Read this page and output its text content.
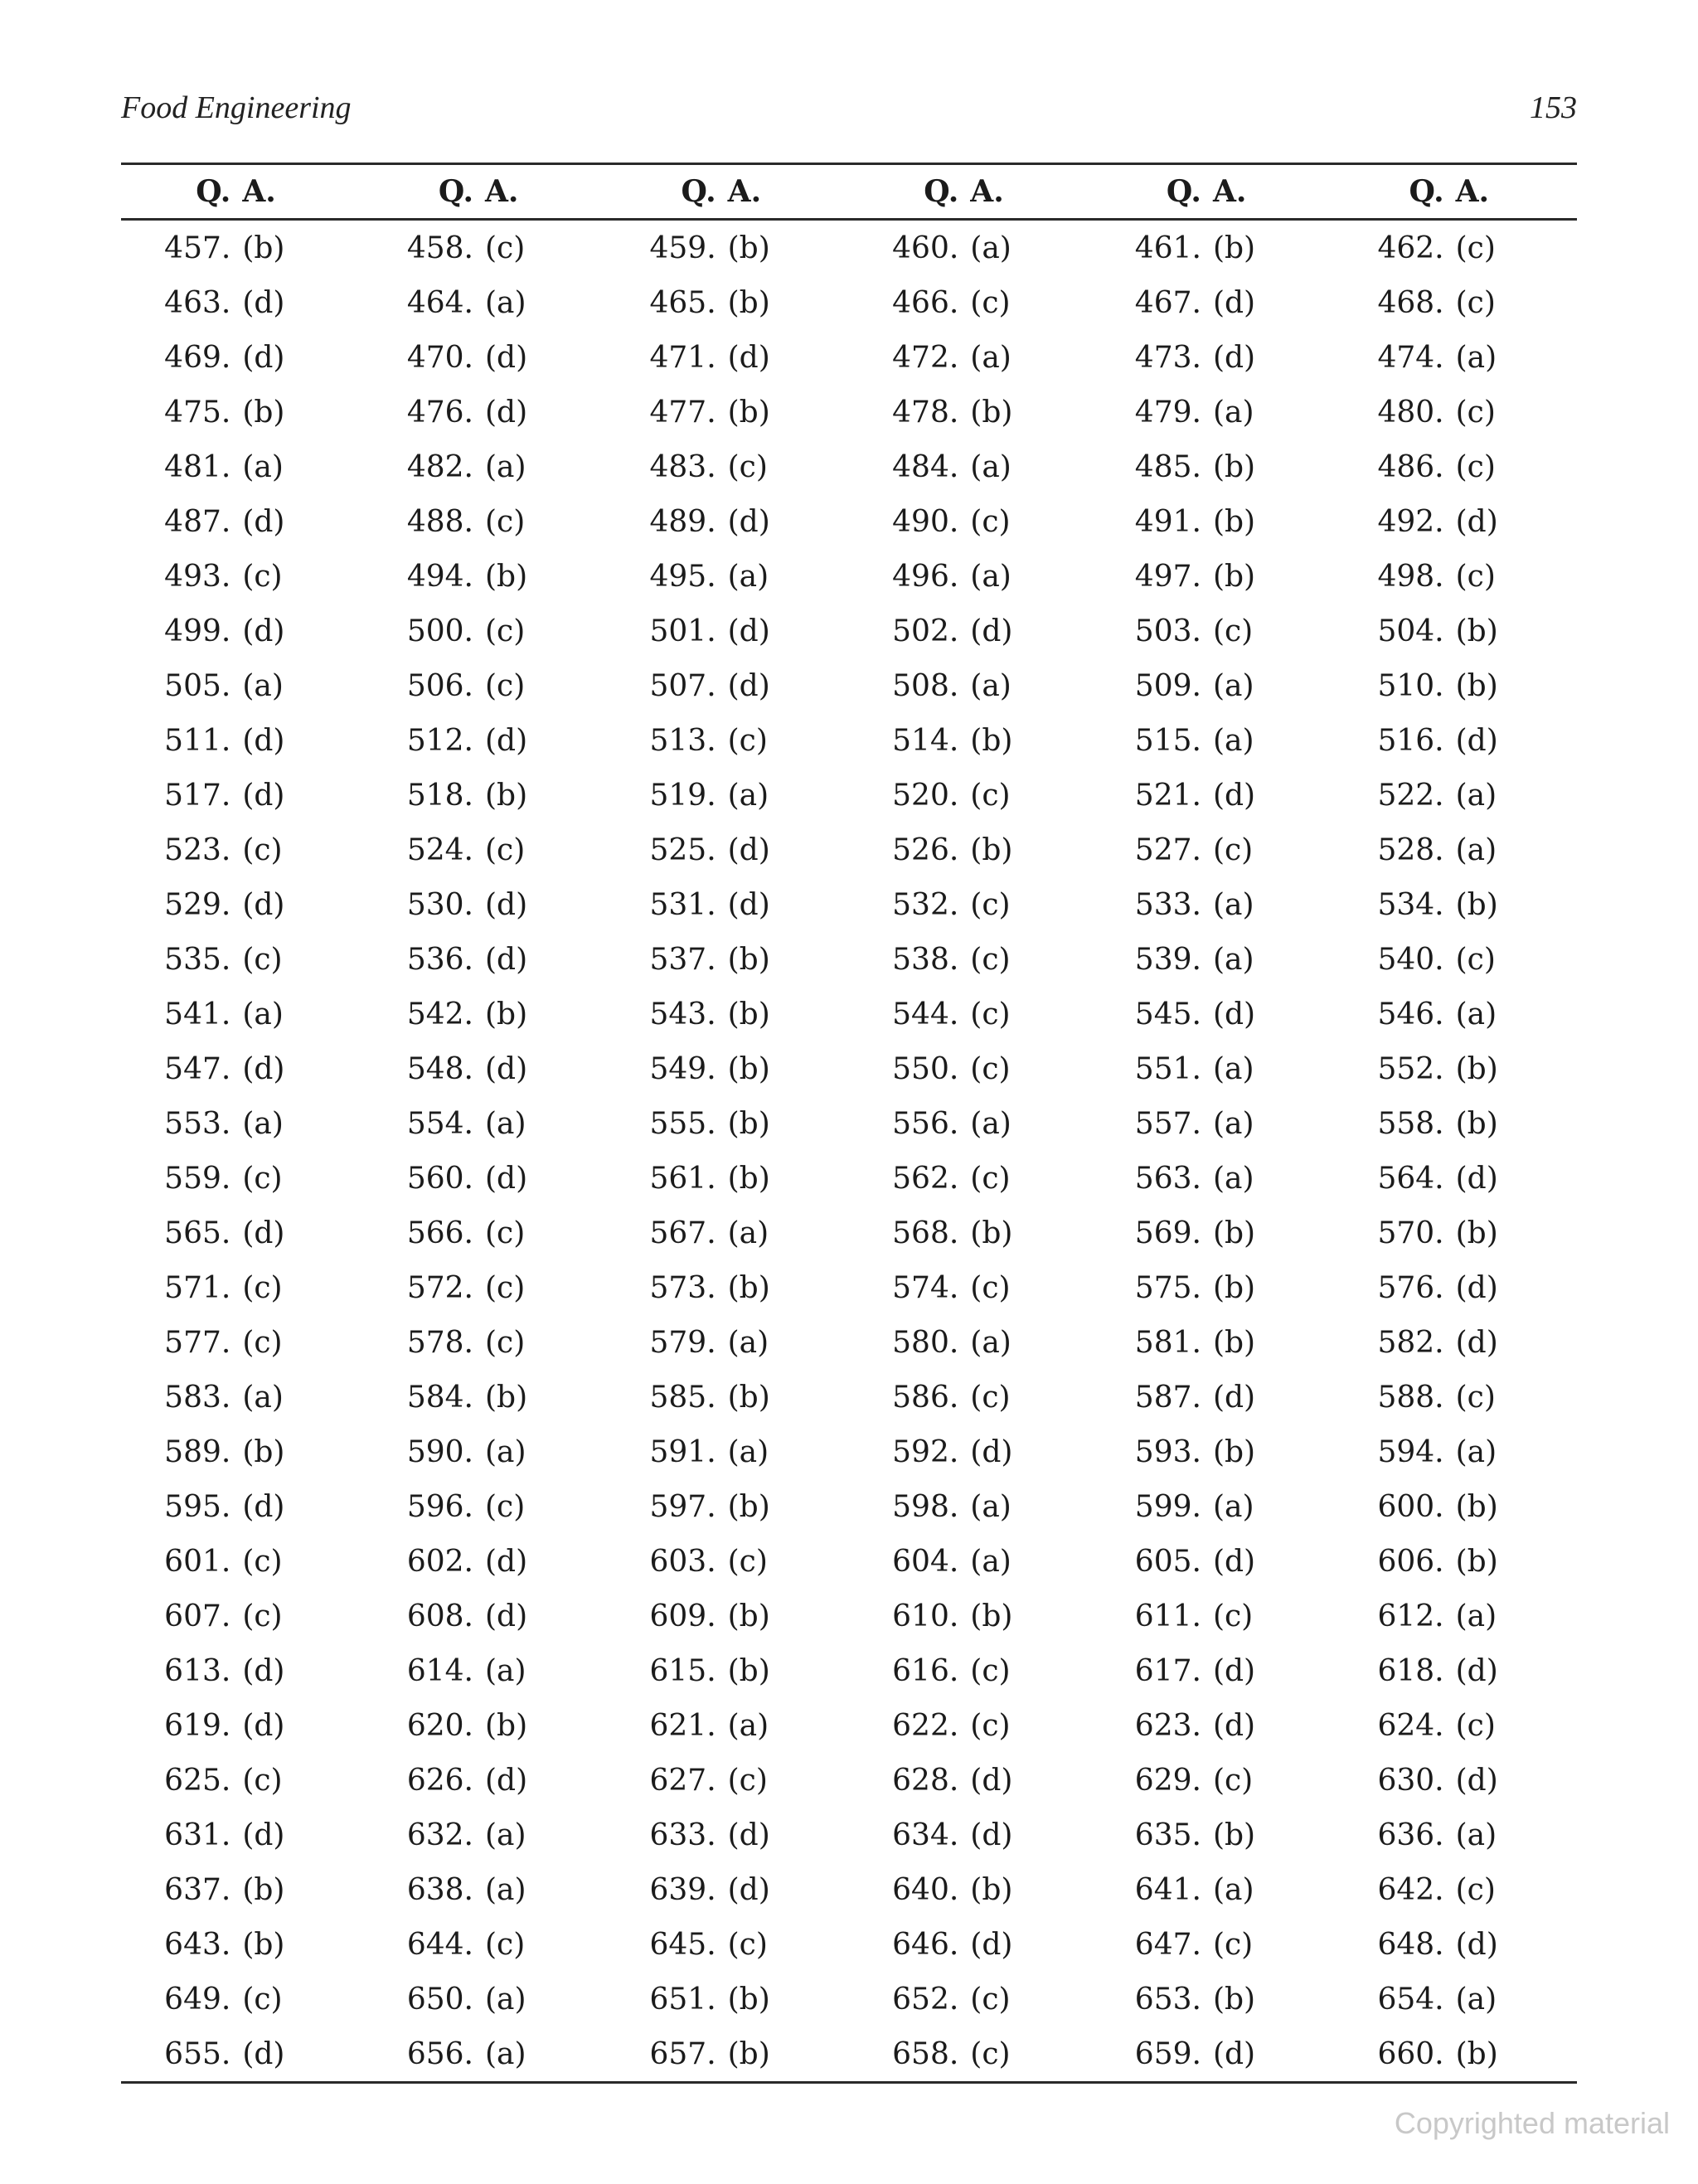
Food Engineering	153
Q.	A.	Q.	A.	Q.	A.	Q.	A.	Q.	A.	Q.	A.
457.	(b)	458.	(c)	459.	(b)	460.	(a)	461.	(b)	462.	(c)
463.	(d)	464.	(a)	465.	(b)	466.	(c)	467.	(d)	468.	(c)
469.	(d)	470.	(d)	471.	(d)	472.	(a)	473.	(d)	474.	(a)
475.	(b)	476.	(d)	477.	(b)	478.	(b)	479.	(a)	480.	(c)
481.	(a)	482.	(a)	483.	(c)	484.	(a)	485.	(b)	486.	(c)
487.	(d)	488.	(c)	489.	(d)	490.	(c)	491.	(b)	492.	(d)
493.	(c)	494.	(b)	495.	(a)	496.	(a)	497.	(b)	498.	(c)
499.	(d)	500.	(c)	501.	(d)	502.	(d)	503.	(c)	504.	(b)
505.	(a)	506.	(c)	507.	(d)	508.	(a)	509.	(a)	510.	(b)
511.	(d)	512.	(d)	513.	(c)	514.	(b)	515.	(a)	516.	(d)
517.	(d)	518.	(b)	519.	(a)	520.	(c)	521.	(d)	522.	(a)
523.	(c)	524.	(c)	525.	(d)	526.	(b)	527.	(c)	528.	(a)
529.	(d)	530.	(d)	531.	(d)	532.	(c)	533.	(a)	534.	(b)
535.	(c)	536.	(d)	537.	(b)	538.	(c)	539.	(a)	540.	(c)
541.	(a)	542.	(b)	543.	(b)	544.	(c)	545.	(d)	546.	(a)
547.	(d)	548.	(d)	549.	(b)	550.	(c)	551.	(a)	552.	(b)
553.	(a)	554.	(a)	555.	(b)	556.	(a)	557.	(a)	558.	(b)
559.	(c)	560.	(d)	561.	(b)	562.	(c)	563.	(a)	564.	(d)
565.	(d)	566.	(c)	567.	(a)	568.	(b)	569.	(b)	570.	(b)
571.	(c)	572.	(c)	573.	(b)	574.	(c)	575.	(b)	576.	(d)
577.	(c)	578.	(c)	579.	(a)	580.	(a)	581.	(b)	582.	(d)
583.	(a)	584.	(b)	585.	(b)	586.	(c)	587.	(d)	588.	(c)
589.	(b)	590.	(a)	591.	(a)	592.	(d)	593.	(b)	594.	(a)
595.	(d)	596.	(c)	597.	(b)	598.	(a)	599.	(a)	600.	(b)
601.	(c)	602.	(d)	603.	(c)	604.	(a)	605.	(d)	606.	(b)
607.	(c)	608.	(d)	609.	(b)	610.	(b)	611.	(c)	612.	(a)
613.	(d)	614.	(a)	615.	(b)	616.	(c)	617.	(d)	618.	(d)
619.	(d)	620.	(b)	621.	(a)	622.	(c)	623.	(d)	624.	(c)
625.	(c)	626.	(d)	627.	(c)	628.	(d)	629.	(c)	630.	(d)
631.	(d)	632.	(a)	633.	(d)	634.	(d)	635.	(b)	636.	(a)
637.	(b)	638.	(a)	639.	(d)	640.	(b)	641.	(a)	642.	(c)
643.	(b)	644.	(c)	645.	(c)	646.	(d)	647.	(c)	648.	(d)
649.	(c)	650.	(a)	651.	(b)	652.	(c)	653.	(b)	654.	(a)
655.	(d)	656.	(a)	657.	(b)	658.	(c)	659.	(d)	660.	(b)
Copyrighted material
